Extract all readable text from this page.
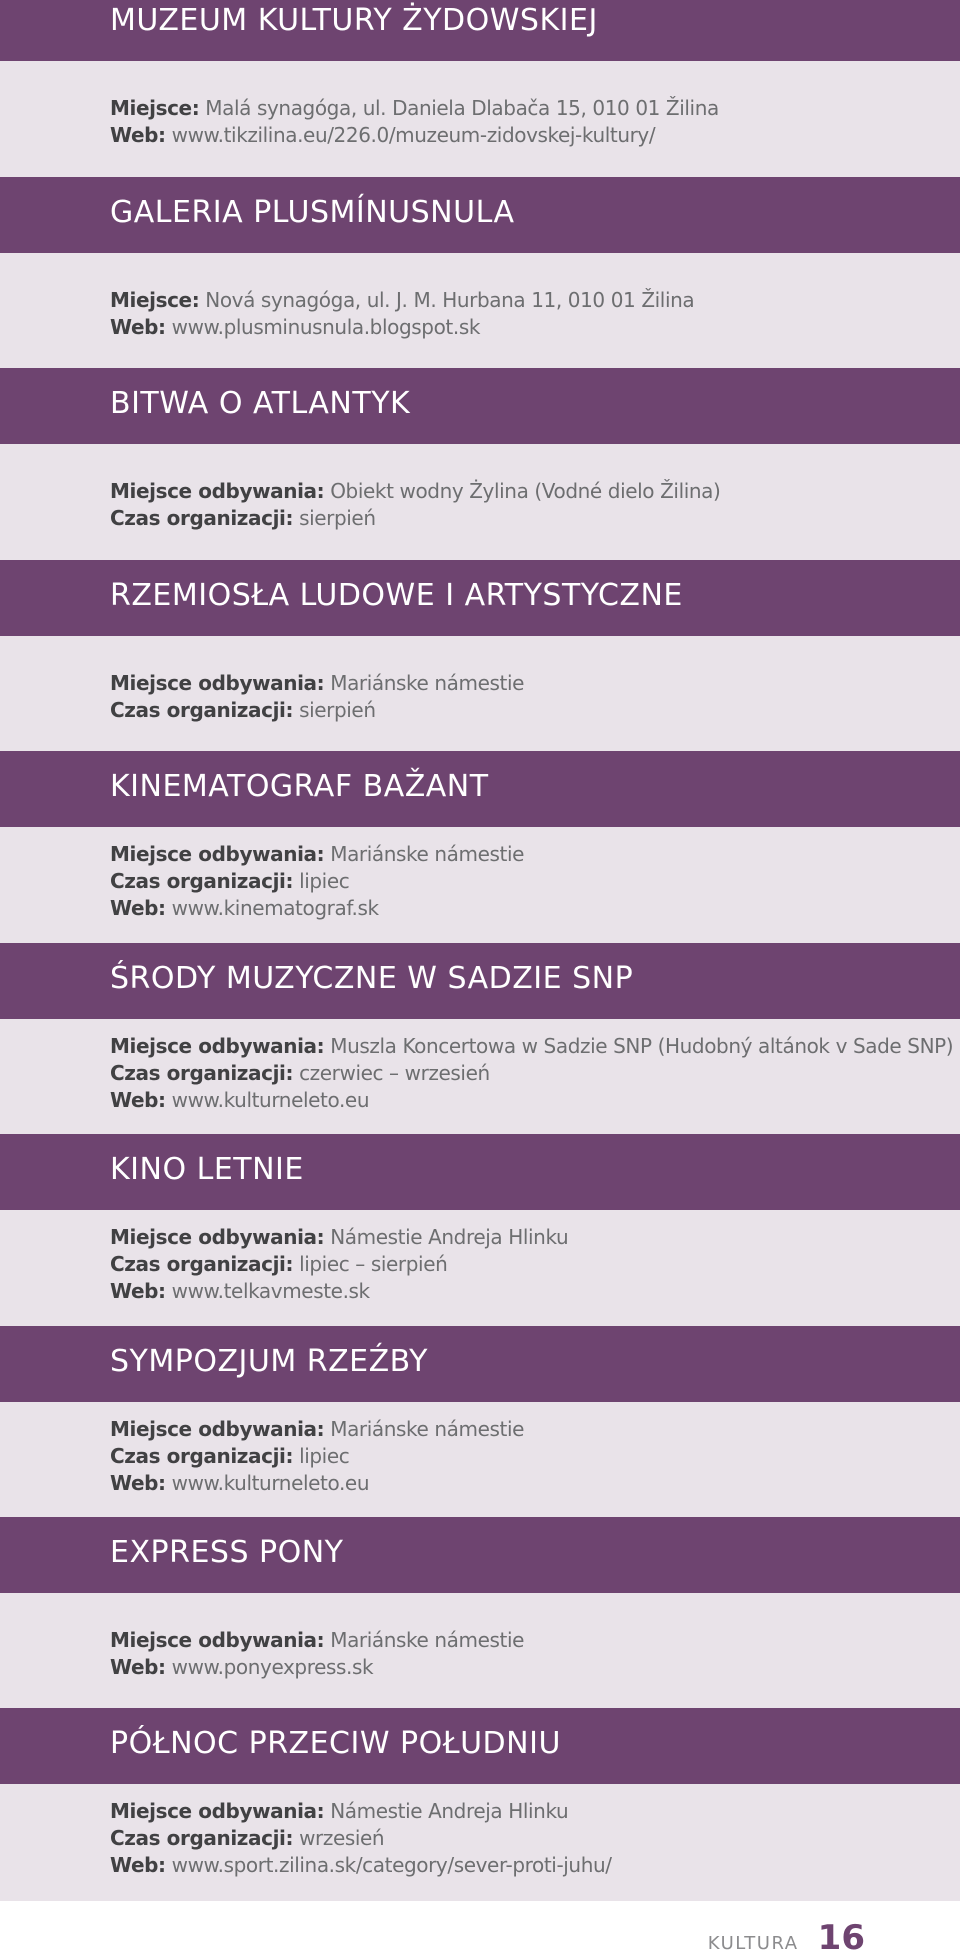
MUZEUM KULTURY ŻYDOWSKIEJ
Miejsce: Malá synagóga, ul. Daniela Dlabača 15, 010 01 Žilina
Web: www.tikzilina.eu/226.0/muzeum-zidovskej-kultury/
GALERIA PLUSMÍNUSNULA
Miejsce: Nová synagóga, ul. J. M. Hurbana 11, 010 01 Žilina
Web: www.plusminusnula.blogspot.sk
BITWA O ATLANTYK
Miejsce odbywania: Obiekt wodny Żylina (Vodné dielo Žilina)
Czas organizacji: sierpień
RZEMIOSŁA LUDOWE I ARTYSTYCZNE
Miejsce odbywania: Mariánske námestie
Czas organizacji: sierpień
KINEMATOGRAF BAŽANT
Miejsce odbywania: Mariánske námestie
Czas organizacji: lipiec
Web: www.kinematograf.sk
ŚRODY MUZYCZNE W SADZIE SNP
Miejsce odbywania: Muszla Koncertowa w Sadzie SNP (Hudobný altánok v Sade SNP)
Czas organizacji: czerwiec – wrzesień
Web: www.kulturneleto.eu
KINO LETNIE
Miejsce odbywania: Námestie Andreja Hlinku
Czas organizacji: lipiec – sierpień
Web: www.telkavmeste.sk
SYMPOZJUM RZEŹBY
Miejsce odbywania: Mariánske námestie
Czas organizacji: lipiec
Web: www.kulturneleto.eu
EXPRESS PONY
Miejsce odbywania: Mariánske námestie
Web: www.ponyexpress.sk
PÓŁNOC PRZECIW POŁUDNIU
Miejsce odbywania: Námestie Andreja Hlinku
Czas organizacji: wrzesień
Web: www.sport.zilina.sk/category/sever-proti-juhu/
KULTURA 16
